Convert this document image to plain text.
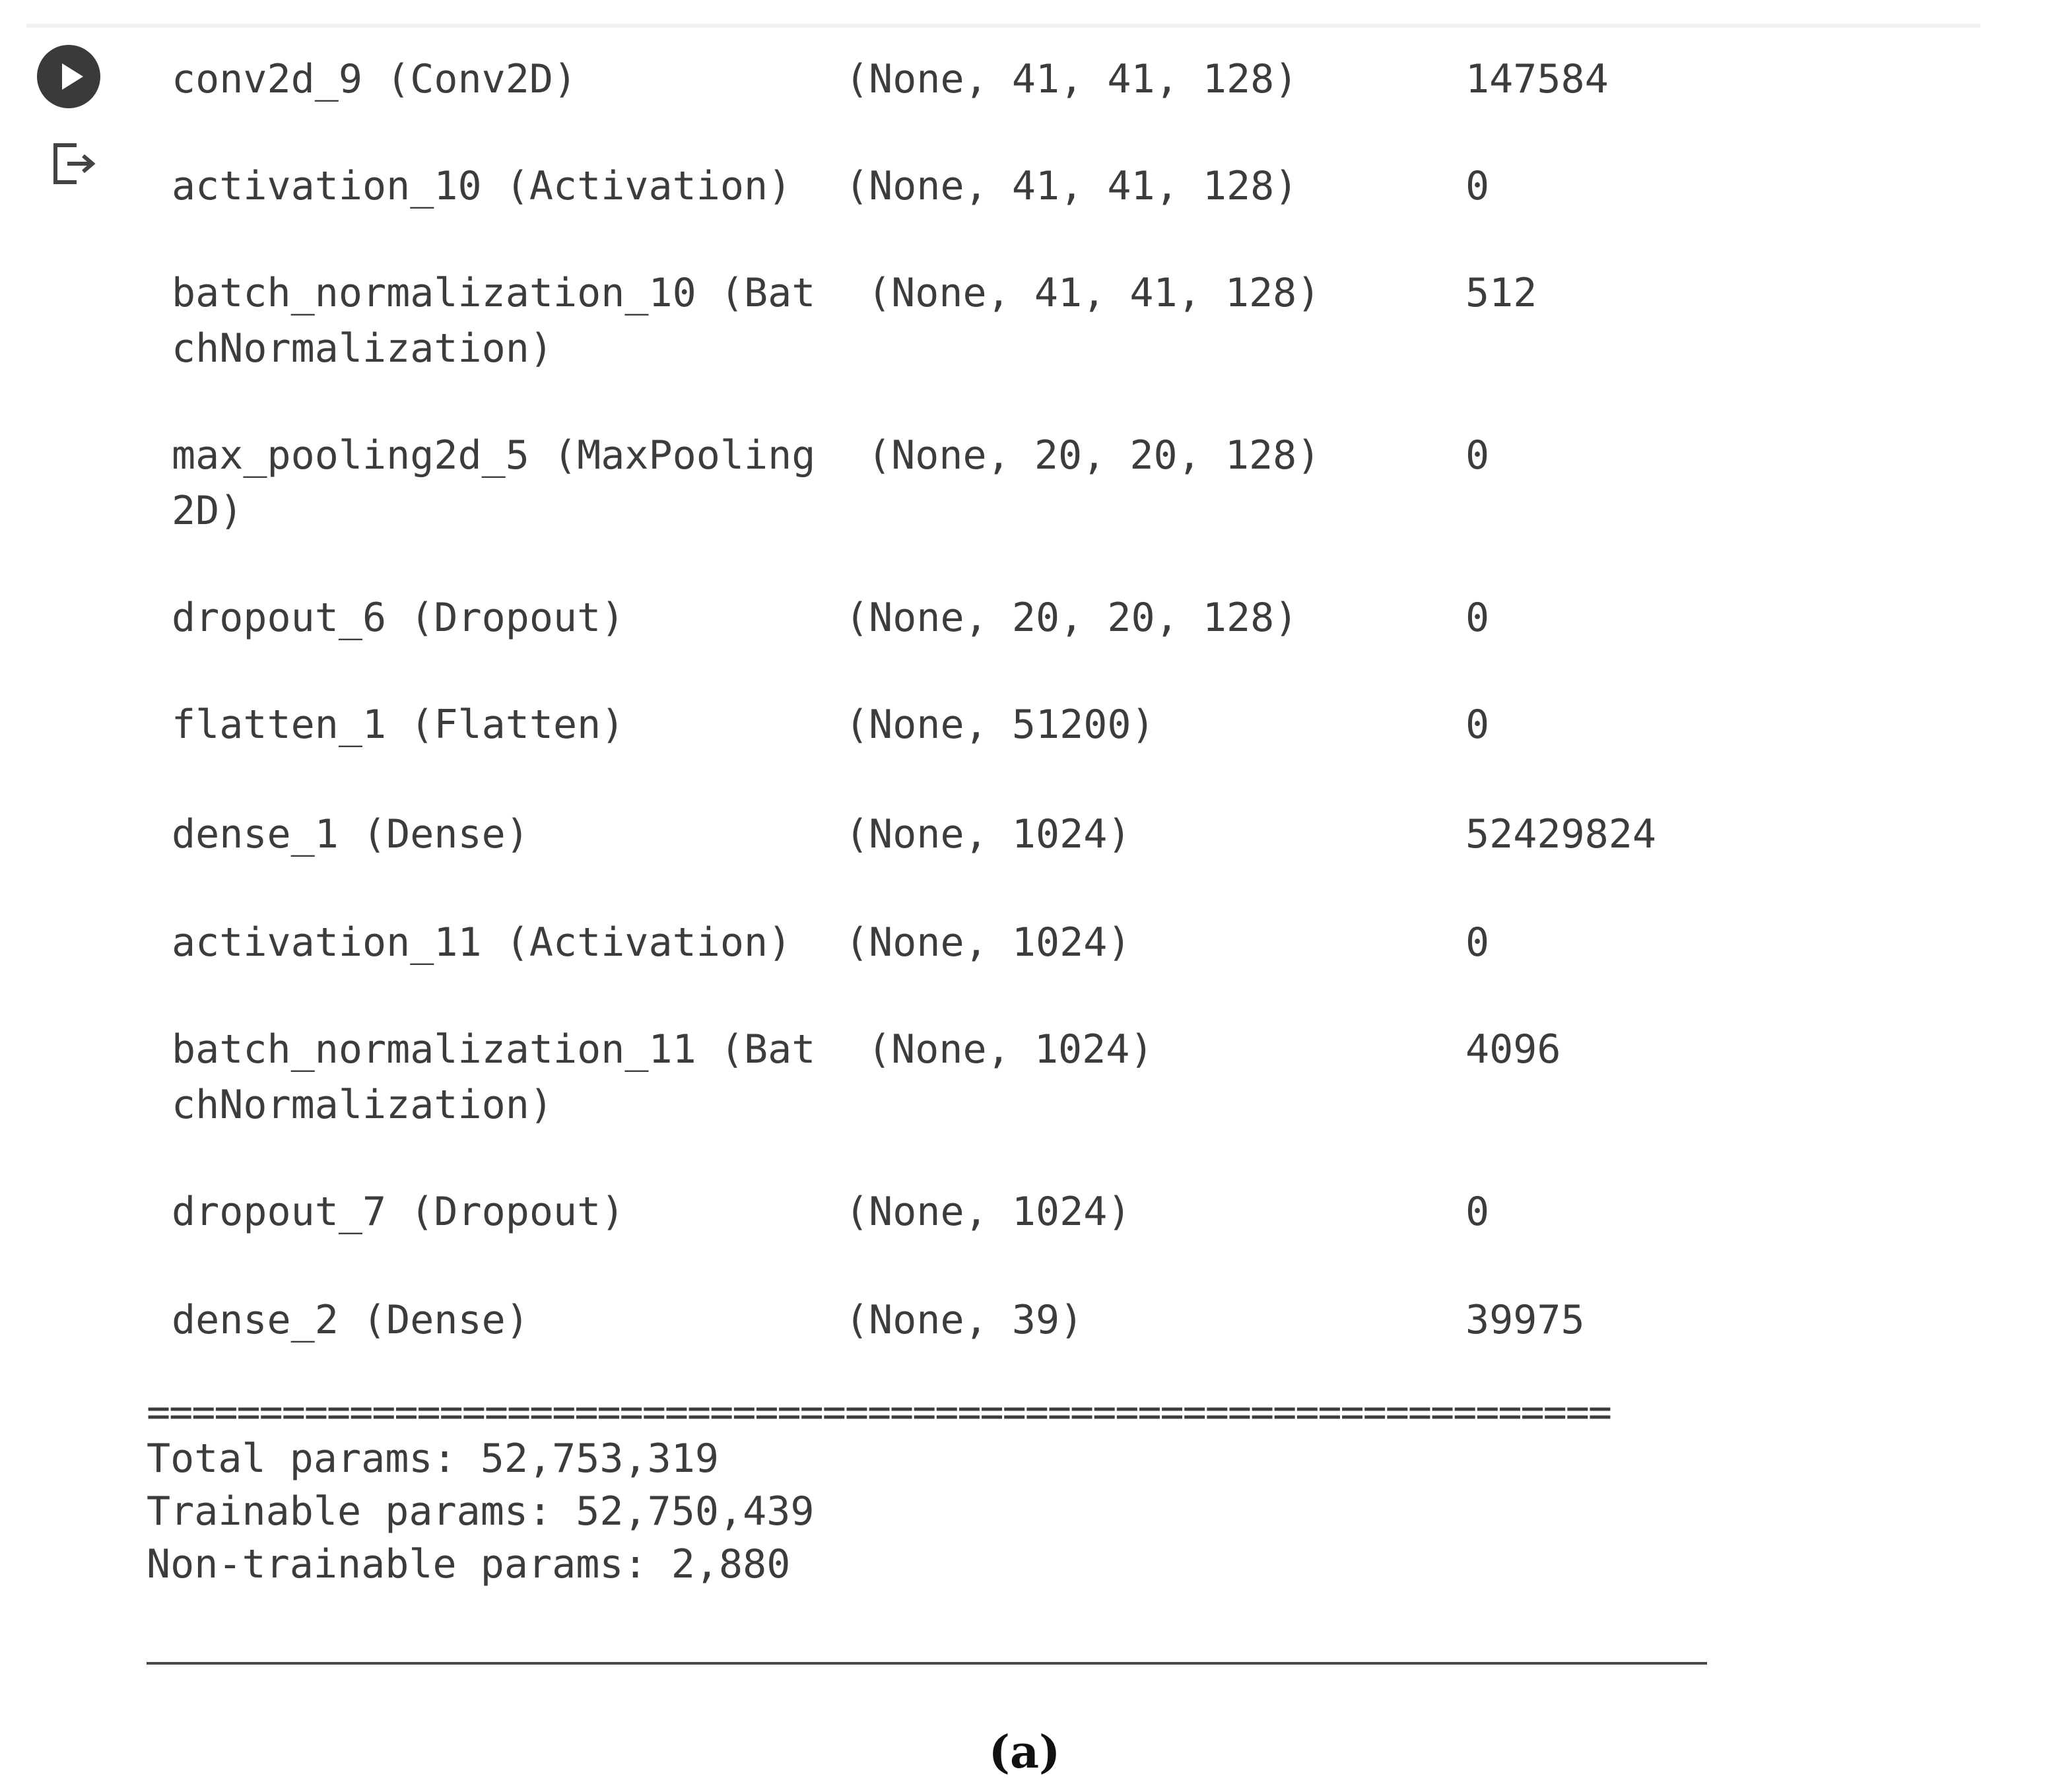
conv2d_9 (Conv2D)	(None, 41, 41, 128)	147584
activation_10 (Activation) (None, 41, 41, 128)	0
batch_normalization_10 (Bat
chNormalization)
(None, 41, 41, 128)	512
max_pooling2d_5 (MaxPooling
2D)
(None, 20, 20, 128)	0
dropout_6 (Dropout)	(None, 20, 20, 128)	0
flatten_1 (Flatten)	(None, 51200)	0
dense_1 (Dense)	(None, 1024)	52429824
activation_11 (Activation) (None, 1024)	0
batch_normalization_11 (Bat
chNormalization)
(None, 1024)	4096
dropout_7 (Dropout)	(None, 1024)	0
dense_2 (Dense)	(None, 39)	39975
=================================================================
Total params: 52,753,319
Trainable params: 52,750,439
Non-trainable params: 2,880
(a)
